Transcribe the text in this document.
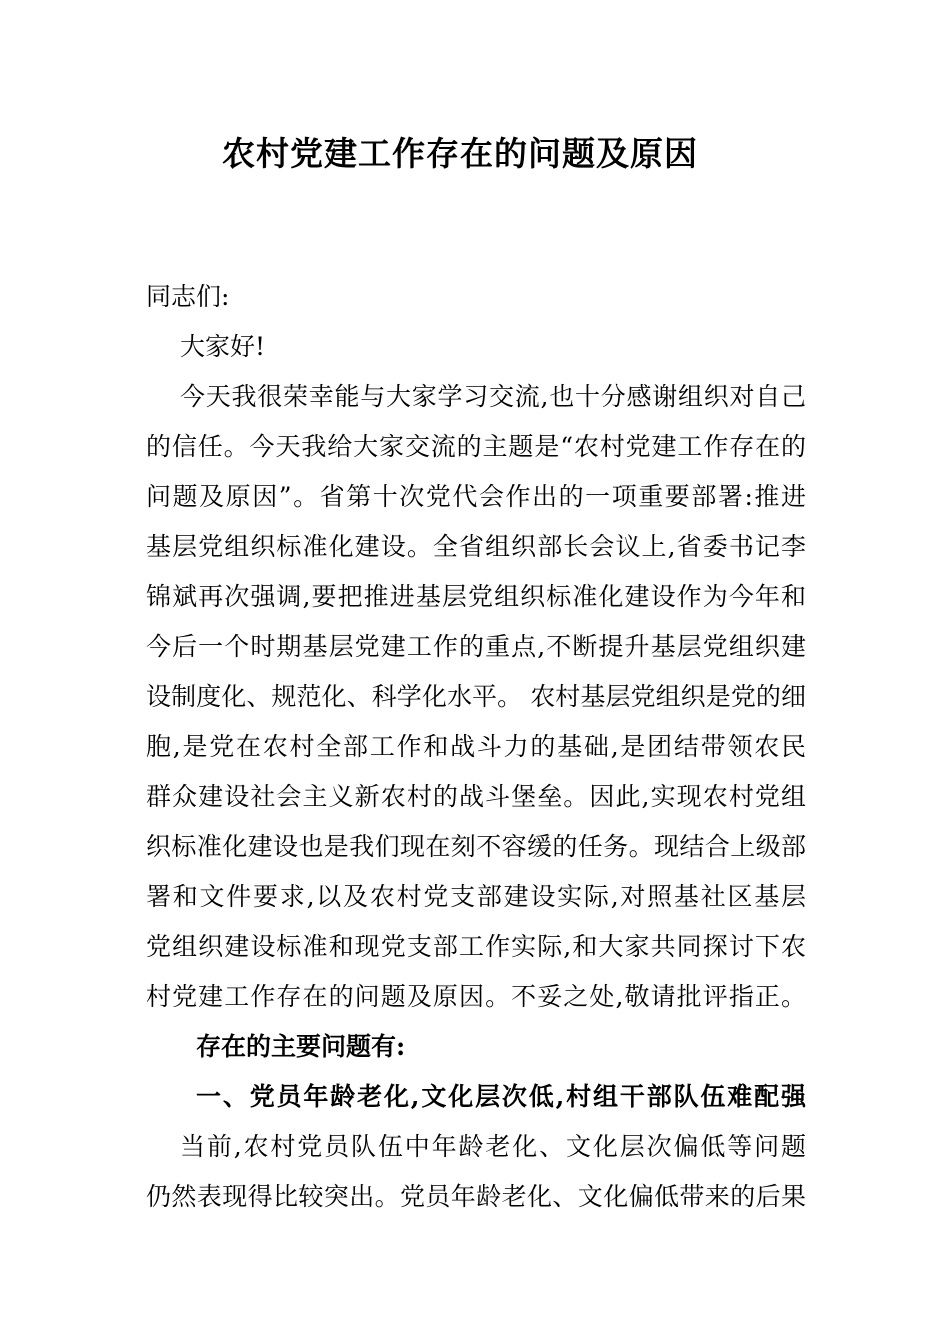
农村党建工作存在的问题及原因
同志们:
大家好!
今天我很荣幸能与大家学习交流,也十分感谢组织对自己
的信任。今天我给大家交流的主题是“农村党建工作存在的
问题及原因”。省第十次党代会作出的一项重要部署:推进
基层党组织标准化建设。全省组织部长会议上,省委书记李
锦斌再次强调,要把推进基层党组织标准化建设作为今年和
今后一个时期基层党建工作的重点,不断提升基层党组织建
设制度化、规范化、科学化水平。 农村基层党组织是党的细
胞,是党在农村全部工作和战斗力的基础,是团结带领农民
群众建设社会主义新农村的战斗堡垒。因此,实现农村党组
织标准化建设也是我们现在刻不容缓的任务。现结合上级部
署和文件要求,以及农村党支部建设实际,对照基社区基层
党组织建设标准和现党支部工作实际,和大家共同探讨下农
村党建工作存在的问题及原因。不妥之处,敬请批评指正。
存在的主要问题有:
一、党员年龄老化,文化层次低,村组干部队伍难配强
当前,农村党员队伍中年龄老化、文化层次偏低等问题
仍然表现得比较突出。党员年龄老化、文化偏低带来的后果
